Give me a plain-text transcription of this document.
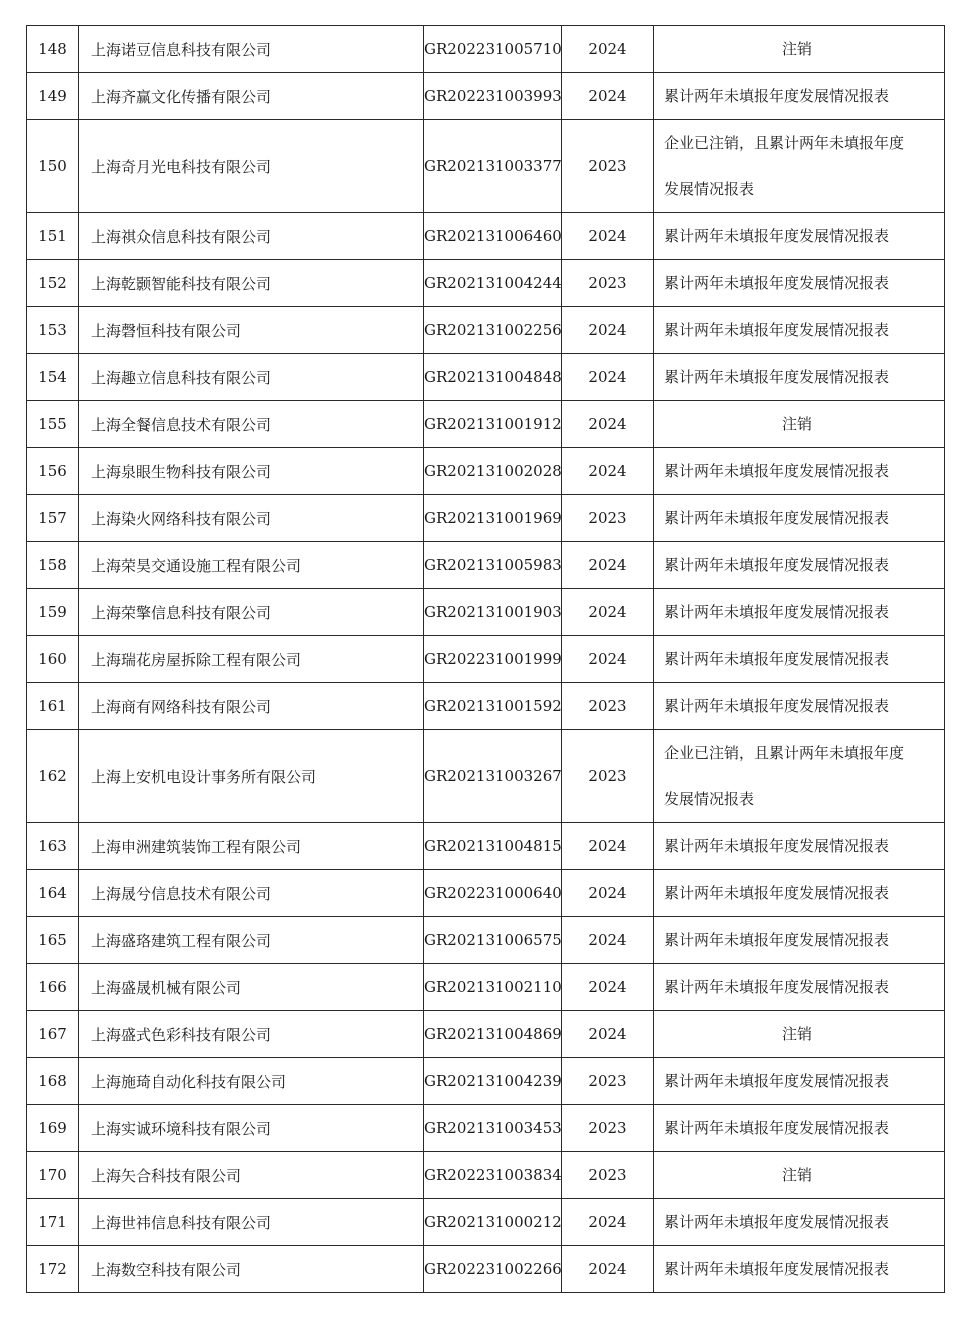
148	上海诺豆信息科技有限公司	GR202231005710	2024	注销

149	上海齐赢文化传播有限公司	GR202231003993	2024	累计两年未填报年度发展情况报表

150	上海奇月光电科技有限公司	GR202131003377	2023	企业已注销，且累计两年未填报年度
发展情况报表

151	上海祺众信息科技有限公司	GR202131006460	2024	累计两年未填报年度发展情况报表

152	上海乾颢智能科技有限公司	GR202131004244	2023	累计两年未填报年度发展情况报表

153	上海磬恒科技有限公司	GR202131002256	2024	累计两年未填报年度发展情况报表

154	上海趣立信息科技有限公司	GR202131004848	2024	累计两年未填报年度发展情况报表

155	上海全餐信息技术有限公司	GR202131001912	2024	注销

156	上海泉眼生物科技有限公司	GR202131002028	2024	累计两年未填报年度发展情况报表

157	上海染火网络科技有限公司	GR202131001969	2023	累计两年未填报年度发展情况报表

158	上海荣昊交通设施工程有限公司	GR202131005983	2024	累计两年未填报年度发展情况报表

159	上海荣擎信息科技有限公司	GR202131001903	2024	累计两年未填报年度发展情况报表

160	上海瑞花房屋拆除工程有限公司	GR202231001999	2024	累计两年未填报年度发展情况报表

161	上海商有网络科技有限公司	GR202131001592	2023	累计两年未填报年度发展情况报表

162	上海上安机电设计事务所有限公司	GR202131003267	2023	企业已注销，且累计两年未填报年度
发展情况报表

163	上海申洲建筑装饰工程有限公司	GR202131004815	2024	累计两年未填报年度发展情况报表

164	上海晟兮信息技术有限公司	GR202231000640	2024	累计两年未填报年度发展情况报表

165	上海盛珞建筑工程有限公司	GR202131006575	2024	累计两年未填报年度发展情况报表

166	上海盛晟机械有限公司	GR202131002110	2024	累计两年未填报年度发展情况报表

167	上海盛式色彩科技有限公司	GR202131004869	2024	注销

168	上海施琦自动化科技有限公司	GR202131004239	2023	累计两年未填报年度发展情况报表

169	上海实诚环境科技有限公司	GR202131003453	2023	累计两年未填报年度发展情况报表

170	上海矢合科技有限公司	GR202231003834	2023	注销

171	上海世祎信息科技有限公司	GR202131000212	2024	累计两年未填报年度发展情况报表

172	上海数空科技有限公司	GR202231002266	2024	累计两年未填报年度发展情况报表
